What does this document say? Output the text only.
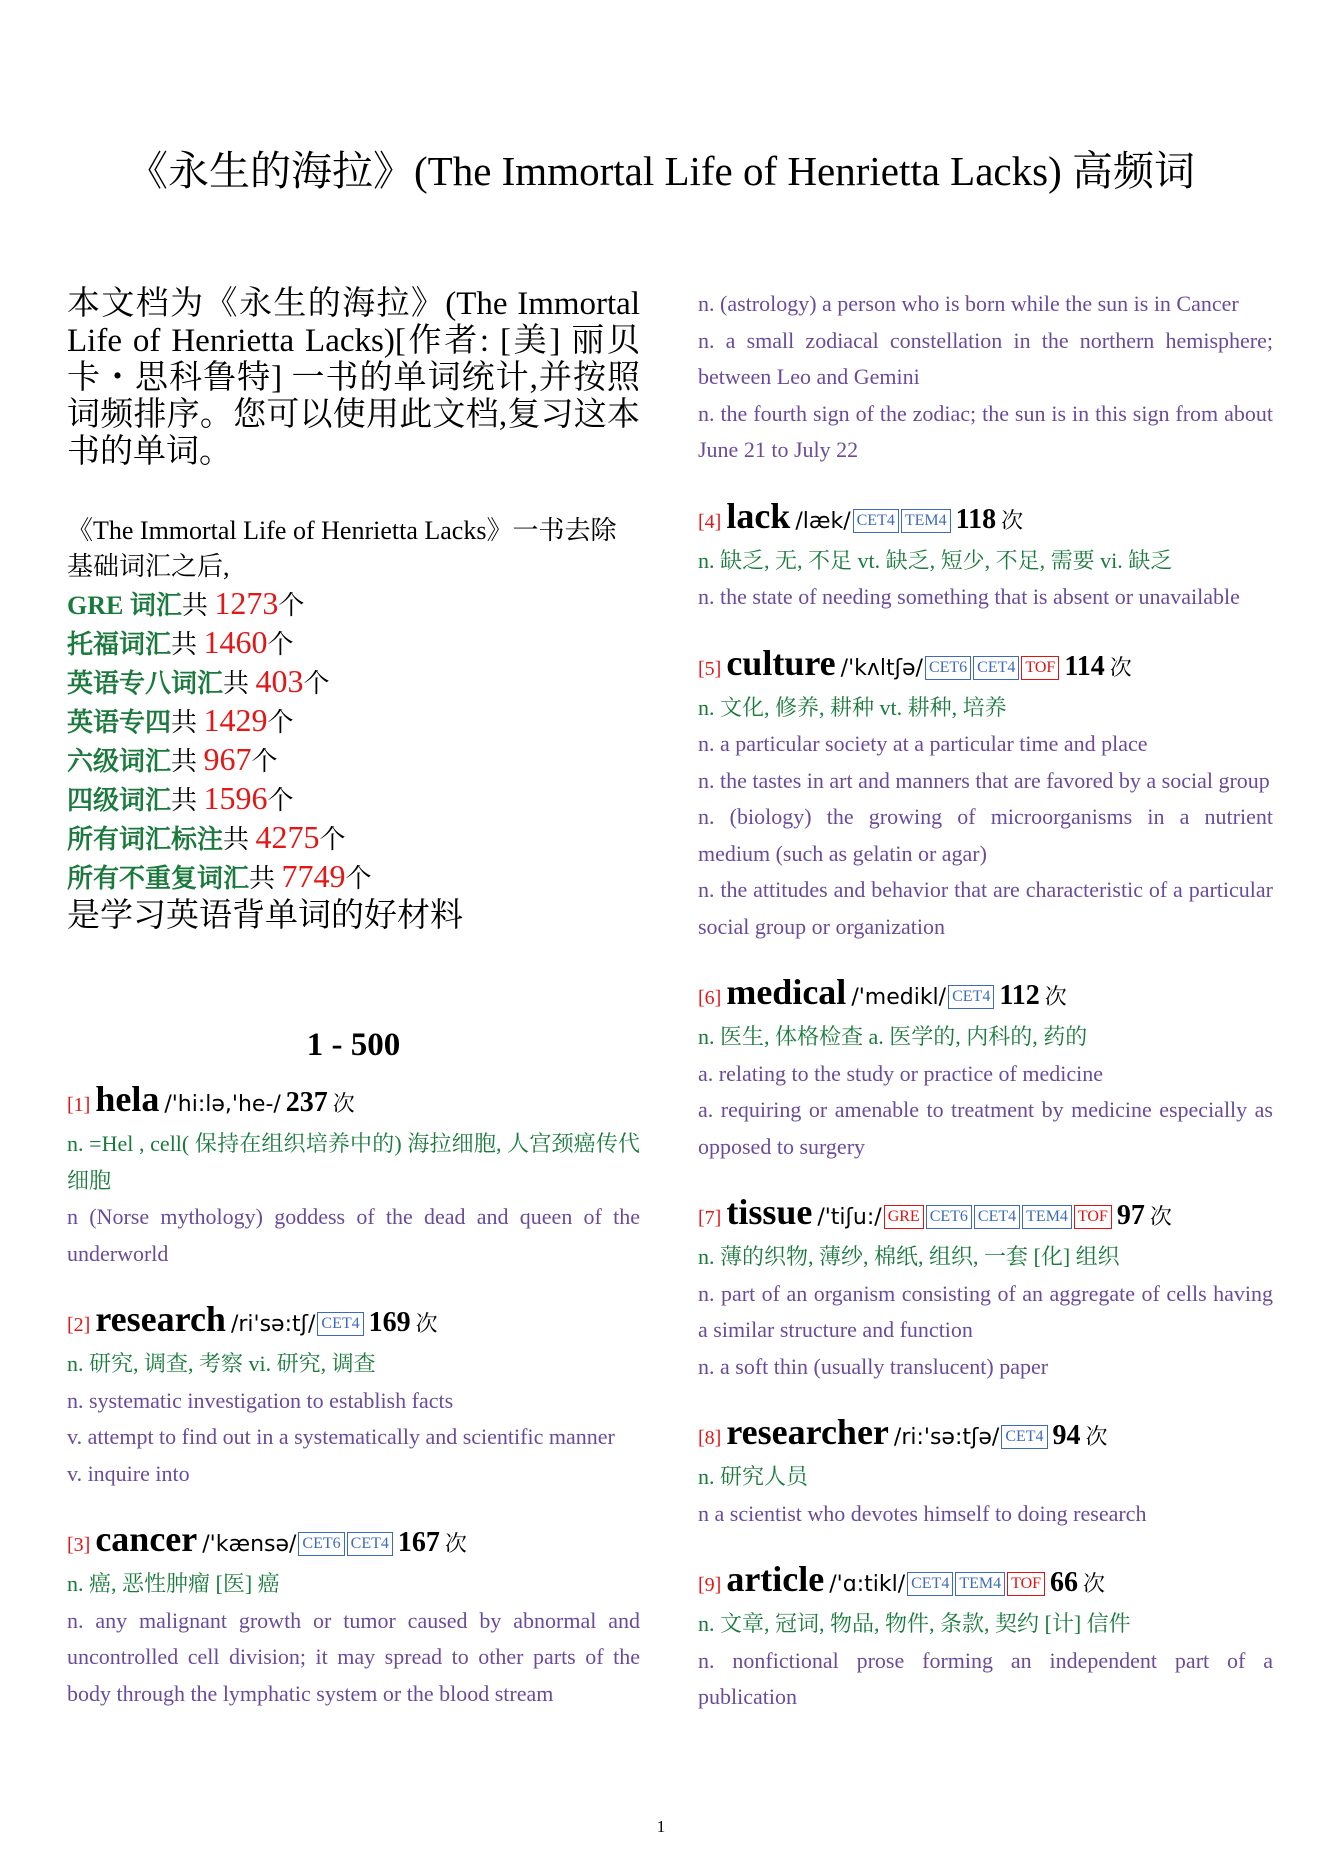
《永生的海拉》(The Immortal Life of Henrietta Lacks) 高频词
本文档为《永生的海拉》(The Immortal Life of Henrietta Lacks)[作者: [美] 丽贝卡・思科鲁特] 一书的单词统计,并按照词频排序。您可以使用此文档,复习这本书的单词。
《The Immortal Life of Henrietta Lacks》一书去除基础词汇之后,
GRE 词汇共 1273个
托福词汇共 1460个
英语专八词汇共 403个
英语专四共 1429个
六级词汇共 967个
四级词汇共 1596个
所有词汇标注共 4275个
所有不重复词汇共 7749个
是学习英语背单词的好材料
1 - 500
[1] hela /'hi:lə,'he-/ 237 次
n. =Hel , cell( 保持在组织培养中的) 海拉细胞, 人宫颈癌传代细胞
n (Norse mythology) goddess of the dead and queen of the underworld
[2] research /ri'sə:tʃ/ CET4 169 次
n. 研究, 调查, 考察 vi. 研究, 调查
n. systematic investigation to establish facts
v. attempt to find out in a systematically and scientific manner
v. inquire into
[3] cancer /'kænsə/ CET6 CET4 167 次
n. 癌, 恶性肿瘤 [医] 癌
n. any malignant growth or tumor caused by abnormal and uncontrolled cell division; it may spread to other parts of the body through the lymphatic system or the blood stream
n. (astrology) a person who is born while the sun is in Cancer
n. a small zodiacal constellation in the northern hemisphere; between Leo and Gemini
n. the fourth sign of the zodiac; the sun is in this sign from about June 21 to July 22
[4] lack /læk/ CET4 TEM4 118 次
n. 缺乏, 无, 不足 vt. 缺乏, 短少, 不足, 需要 vi. 缺乏
n. the state of needing something that is absent or unavailable
[5] culture /'kʌltʃə/ CET6 CET4 TOF 114 次
n. 文化, 修养, 耕种 vt. 耕种, 培养
n. a particular society at a particular time and place
n. the tastes in art and manners that are favored by a social group
n. (biology) the growing of microorganisms in a nutrient medium (such as gelatin or agar)
n. the attitudes and behavior that are characteristic of a particular social group or organization
[6] medical /'medikl/ CET4 112 次
n. 医生, 体格检查 a. 医学的, 内科的, 药的
a. relating to the study or practice of medicine
a. requiring or amenable to treatment by medicine especially as opposed to surgery
[7] tissue /'tiʃu:/ GRE CET6 CET4 TEM4 TOF 97 次
n. 薄的织物, 薄纱, 棉纸, 组织, 一套 [化] 组织
n. part of an organism consisting of an aggregate of cells having a similar structure and function
n. a soft thin (usually translucent) paper
[8] researcher /ri:'sə:tʃə/ CET4 94 次
n. 研究人员
n a scientist who devotes himself to doing research
[9] article /'ɑ:tikl/ CET4 TEM4 TOF 66 次
n. 文章, 冠词, 物品, 物件, 条款, 契约 [计] 信件
n. nonfictional prose forming an independent part of a publication
1
